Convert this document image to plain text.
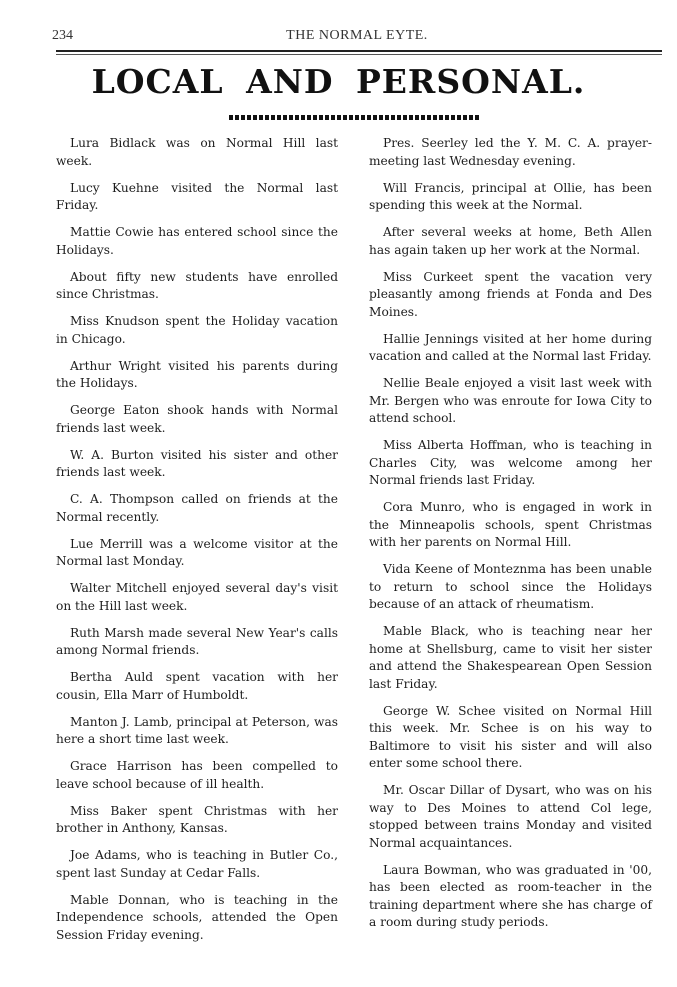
234	THE NORMAL EYTE.
LOCAL AND PERSONAL.

Lura Bidlack was on Normal Hill last week.

Lucy Kuehne visited the Normal last Friday.

Mattie Cowie has entered school since the Holidays.

About fifty new students have enrolled since Christmas.

Miss Knudson spent the Holiday vacation in Chicago.

Arthur Wright visited his parents during the Holidays.

George Eaton shook hands with Normal friends last week.

W. A. Burton visited his sister and other friends last week.

C. A. Thompson called on friends at the Normal recently.

Lue Merrill was a welcome visitor at the Normal last Monday.

Walter Mitchell enjoyed several day's visit on the Hill last week.

Ruth Marsh made several New Year's calls among Normal friends.

Bertha Auld spent vacation with her cousin, Ella Marr of Humboldt.

Manton J. Lamb, principal at Peterson, was here a short time last week.

Grace Harrison has been compelled to leave school because of ill health.

Miss Baker spent Christmas with her brother in Anthony, Kansas.

Joe Adams, who is teaching in Butler Co., spent last Sunday at Cedar Falls.

Mable Donnan, who is teaching in the Independence schools, attended the Open Session Friday evening.

Pres. Seerley led the Y. M. C. A. prayer-meeting last Wednesday evening.

Will Francis, principal at Ollie, has been spending this week at the Normal.

After several weeks at home, Beth Allen has again taken up her work at the Normal.

Miss Curkeet spent the vacation very pleasantly among friends at Fonda and Des Moines.

Hallie Jennings visited at her home during vacation and called at the Normal last Friday.

Nellie Beale enjoyed a visit last week with Mr. Bergen who was enroute for Iowa City to attend school.

Miss Alberta Hoffman, who is teaching in Charles City, was welcome among her Normal friends last Friday.

Cora Munro, who is engaged in work in the Minneapolis schools, spent Christmas with her parents on Normal Hill.

Vida Keene of Monteznma has been unable to return to school since the Holidays because of an attack of rheumatism.

Mable Black, who is teaching near her home at Shellsburg, came to visit her sister and attend the Shakespearean Open Session last Friday.

George W. Schee visited on Normal Hill this week. Mr. Schee is on his way to Baltimore to visit his sister and will also enter some school there.

Mr. Oscar Dillar of Dysart, who was on his way to Des Moines to attend Col lege, stopped between trains Monday and visited Normal acquaintances.

Laura Bowman, who was graduated in '00, has been elected as room-teacher in the training department where she has charge of a room during study periods.
